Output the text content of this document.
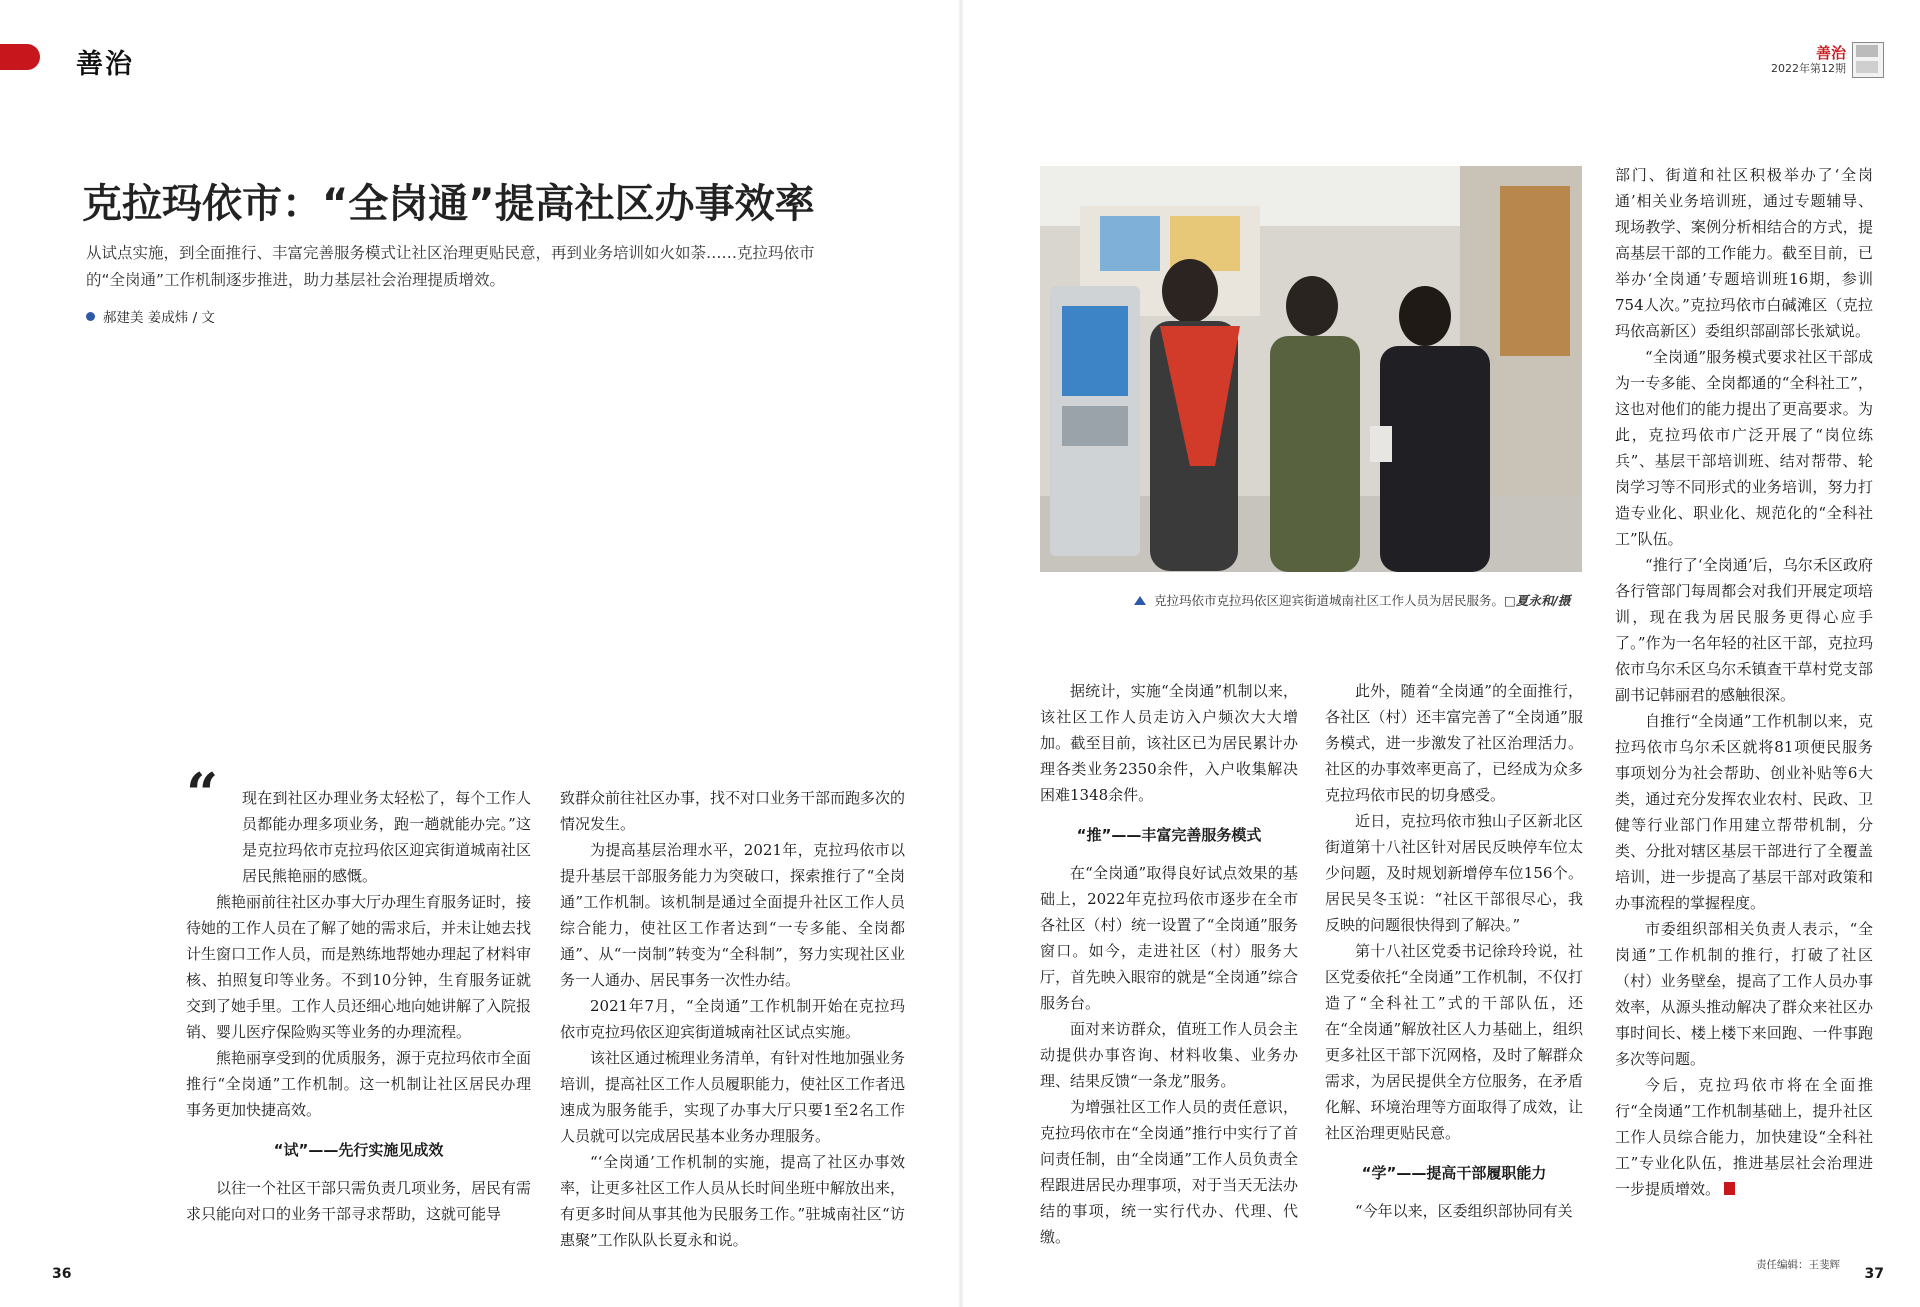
善治	善治
2022年第12期
克拉玛依市：“全岗通”提高社区办事效率
从试点实施，到全面推行、丰富完善服务模式让社区治理更贴民意，再到业务培训如火如荼……克拉玛依市的“全岗通”工作机制逐步推进，助力基层社会治理提质增效。
郝建美 姜成炜 / 文
“	现在到社区办理业务太轻松了，每个工作人员都能办理多项业务，跑一趟就能办完。”这是克拉玛依市克拉玛依区迎宾街道城南社区居民熊艳丽的感慨。

熊艳丽前往社区办事大厅办理生育服务证时，接待她的工作人员在了解了她的需求后，并未让她去找计生窗口工作人员，而是熟练地帮她办理起了材料审核、拍照复印等业务。不到10分钟，生育服务证就交到了她手里。工作人员还细心地向她讲解了入院报销、婴儿医疗保险购买等业务的办理流程。

熊艳丽享受到的优质服务，源于克拉玛依市全面推行“全岗通”工作机制。这一机制让社区居民办理事务更加快捷高效。

“试”——先行实施见成效

以往一个社区干部只需负责几项业务，居民有需求只能向对口的业务干部寻求帮助，这就可能导

致群众前往社区办事，找不对口业务干部而跑多次的情况发生。

为提高基层治理水平，2021年，克拉玛依市以提升基层干部服务能力为突破口，探索推行了“全岗通”工作机制。该机制是通过全面提升社区工作人员综合能力，使社区工作者达到“一专多能、全岗都通”、从“一岗制”转变为“全科制”，努力实现社区业务一人通办、居民事务一次性办结。

2021年7月，“全岗通”工作机制开始在克拉玛依市克拉玛依区迎宾街道城南社区试点实施。

该社区通过梳理业务清单，有针对性地加强业务培训，提高社区工作人员履职能力，使社区工作者迅速成为服务能手，实现了办事大厅只要1至2名工作人员就可以完成居民基本业务办理服务。

“‘全岗通’工作机制的实施，提高了社区办事效率，让更多社区工作人员从长时间坐班中解放出来，有更多时间从事其他为民服务工作。”驻城南社区“访惠聚”工作队队长夏永和说。

克拉玛依市克拉玛依区迎宾街道城南社区工作人员为居民服务。□夏永和/摄

据统计，实施“全岗通”机制以来，该社区工作人员走访入户频次大大增加。截至目前，该社区已为居民累计办理各类业务2350余件，入户收集解决困难1348余件。

“推”——丰富完善服务模式

在“全岗通”取得良好试点效果的基础上，2022年克拉玛依市逐步在全市各社区（村）统一设置了“全岗通”服务窗口。如今，走进社区（村）服务大厅，首先映入眼帘的就是“全岗通”综合服务台。

面对来访群众，值班工作人员会主动提供办事咨询、材料收集、业务办理、结果反馈“一条龙”服务。

为增强社区工作人员的责任意识，克拉玛依市在“全岗通”推行中实行了首问责任制，由“全岗通”工作人员负责全程跟进居民办理事项，对于当天无法办结的事项，统一实行代办、代理、代缴。

此外，随着“全岗通”的全面推行，各社区（村）还丰富完善了“全岗通”服务模式，进一步激发了社区治理活力。社区的办事效率更高了，已经成为众多克拉玛依市民的切身感受。

近日，克拉玛依市独山子区新北区街道第十八社区针对居民反映停车位太少问题，及时规划新增停车位156个。居民吴冬玉说：“社区干部很尽心，我反映的问题很快得到了解决。”

第十八社区党委书记徐玲玲说，社区党委依托“全岗通”工作机制，不仅打造了“全科社工”式的干部队伍，还在“全岗通”解放社区人力基础上，组织更多社区干部下沉网格，及时了解群众需求，为居民提供全方位服务，在矛盾化解、环境治理等方面取得了成效，让社区治理更贴民意。

“学”——提高干部履职能力

“今年以来，区委组织部协同有关

部门、街道和社区积极举办了‘全岗通’相关业务培训班，通过专题辅导、现场教学、案例分析相结合的方式，提高基层干部的工作能力。截至目前，已举办‘全岗通’专题培训班16期，参训754人次。”克拉玛依市白碱滩区（克拉玛依高新区）委组织部副部长张斌说。

“全岗通”服务模式要求社区干部成为一专多能、全岗都通的“全科社工”，这也对他们的能力提出了更高要求。为此，克拉玛依市广泛开展了“岗位练兵”、基层干部培训班、结对帮带、轮岗学习等不同形式的业务培训，努力打造专业化、职业化、规范化的“全科社工”队伍。

“推行了‘全岗通’后，乌尔禾区政府各行管部门每周都会对我们开展定项培训，现在我为居民服务更得心应手了。”作为一名年轻的社区干部，克拉玛依市乌尔禾区乌尔禾镇查干草村党支部副书记韩丽君的感触很深。

自推行“全岗通”工作机制以来，克拉玛依市乌尔禾区就将81项便民服务事项划分为社会帮助、创业补贴等6大类，通过充分发挥农业农村、民政、卫健等行业部门作用建立帮带机制，分类、分批对辖区基层干部进行了全覆盖培训，进一步提高了基层干部对政策和办事流程的掌握程度。

市委组织部相关负责人表示，“全岗通”工作机制的推行，打破了社区（村）业务壁垒，提高了工作人员办事效率，从源头推动解决了群众来社区办事时间长、楼上楼下来回跑、一件事跑多次等问题。

今后，克拉玛依市将在全面推行“全岗通”工作机制基础上，提升社区工作人员综合能力，加快建设“全科社工”专业化队伍，推进基层社会治理进一步提质增效。

36
责任编辑：王斐辉
37
